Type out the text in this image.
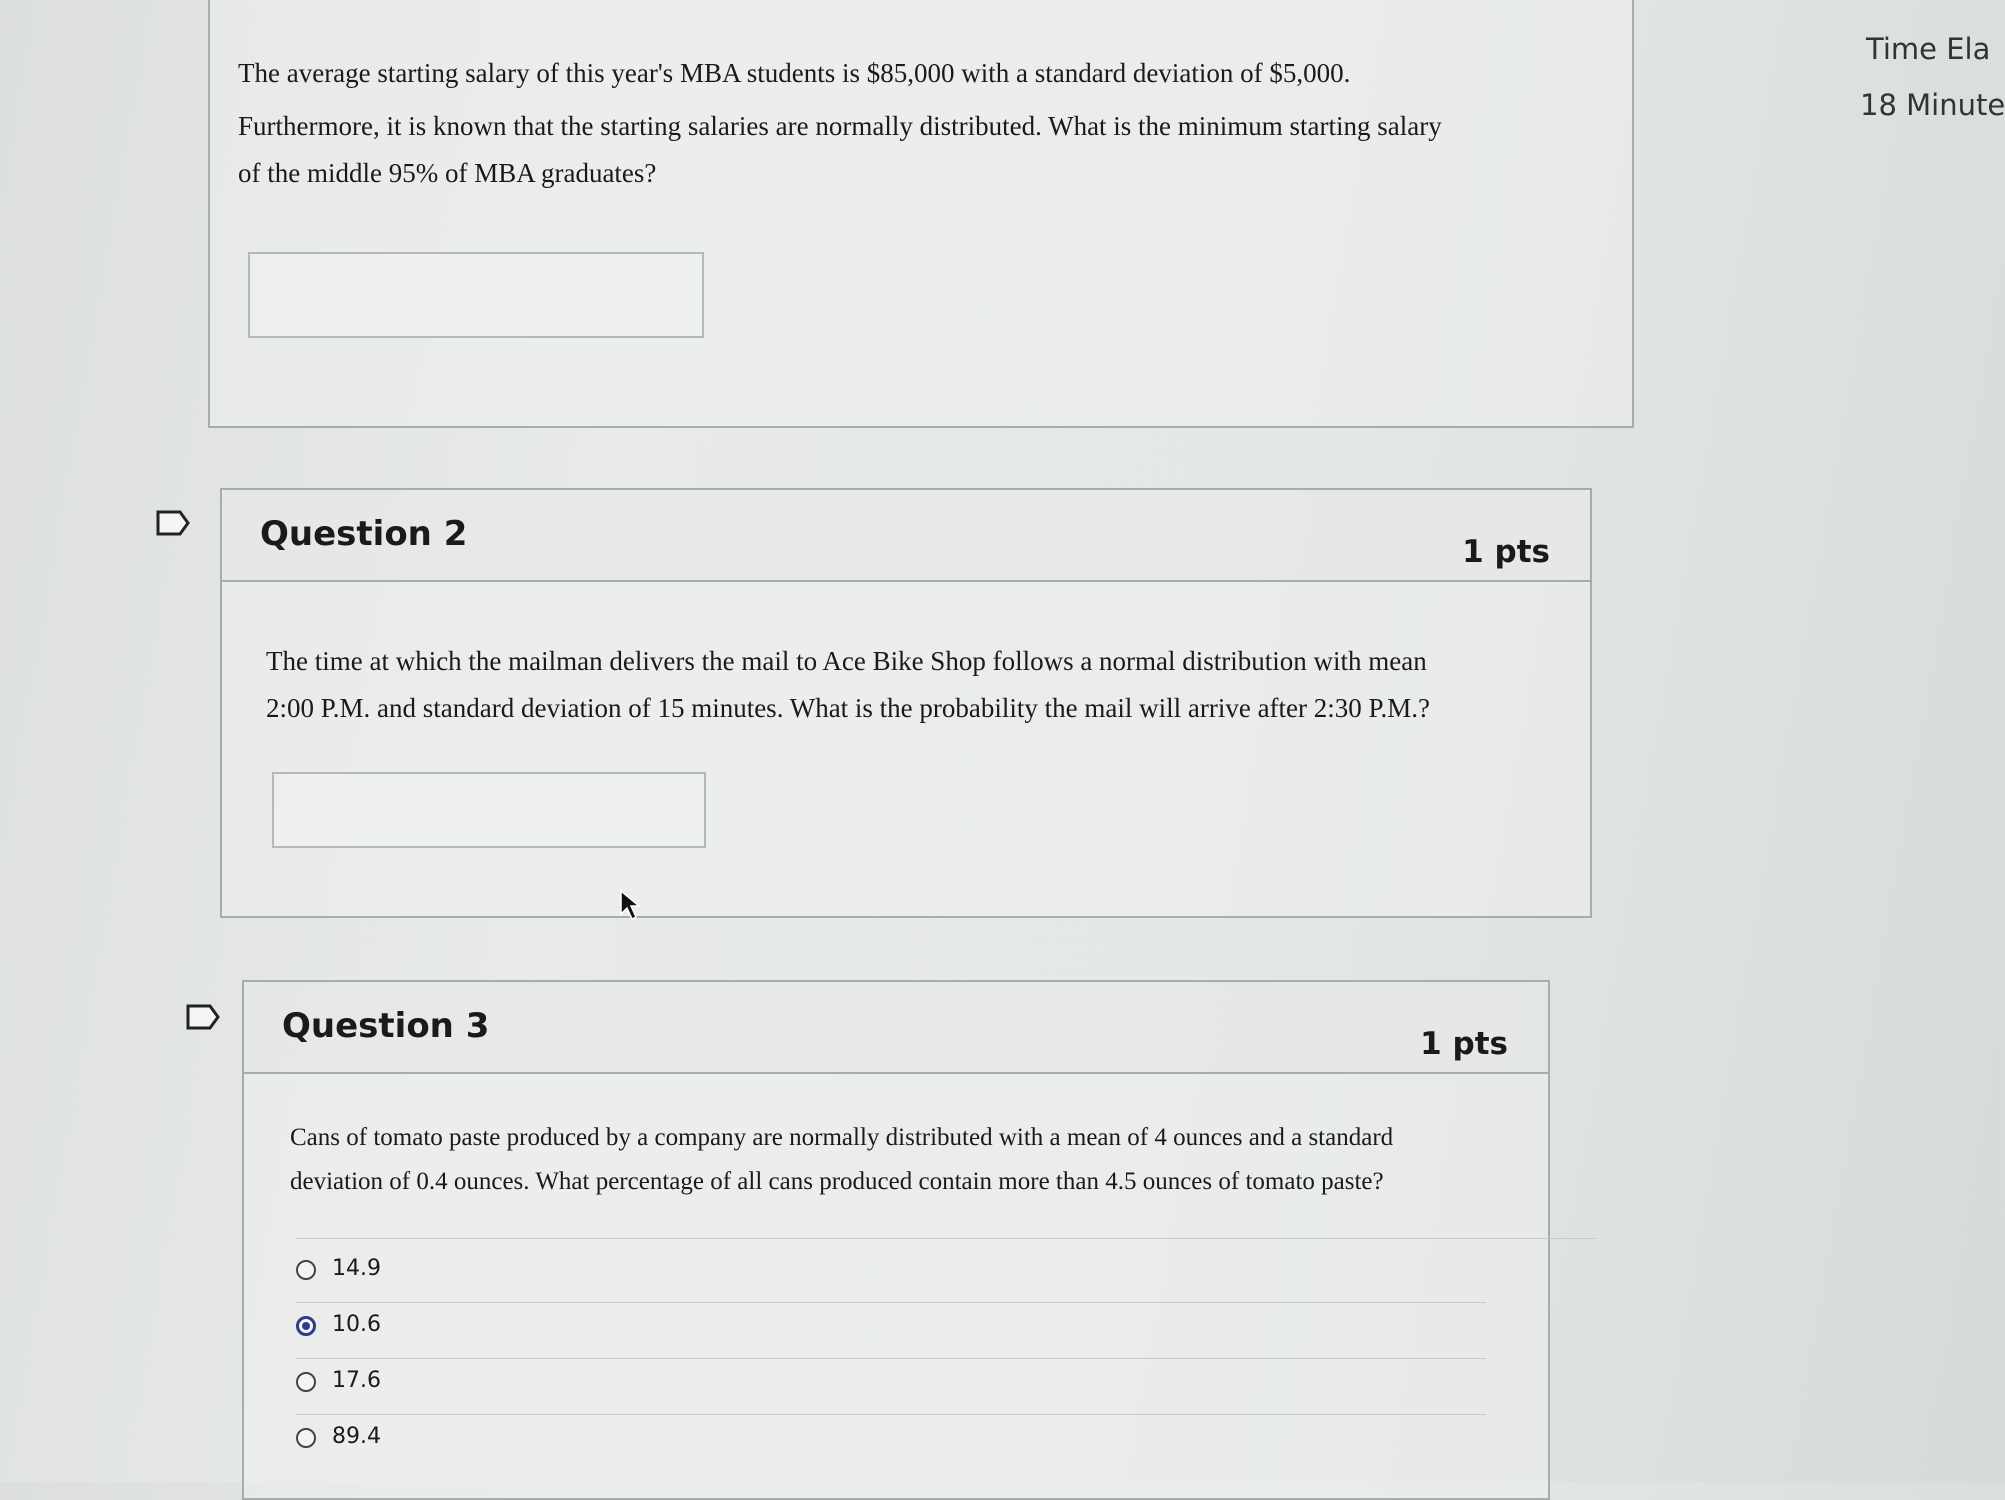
Time Ela
18 Minute
The average starting salary of this year's MBA students is $85,000 with a standard deviation of $5,000.
Furthermore, it is known that the starting salaries are normally distributed. What is the minimum starting salary
of the middle 95% of MBA graduates?
Question 2	1 pts
The time at which the mailman delivers the mail to Ace Bike Shop follows a normal distribution with mean
2:00 P.M. and standard deviation of 15 minutes. What is the probability the mail will arrive after 2:30 P.M.?
Question 3	1 pts
Cans of tomato paste produced by a company are normally distributed with a mean of 4 ounces and a standard
deviation of 0.4 ounces. What percentage of all cans produced contain more than 4.5 ounces of tomato paste?
14.9
10.6
17.6
89.4
